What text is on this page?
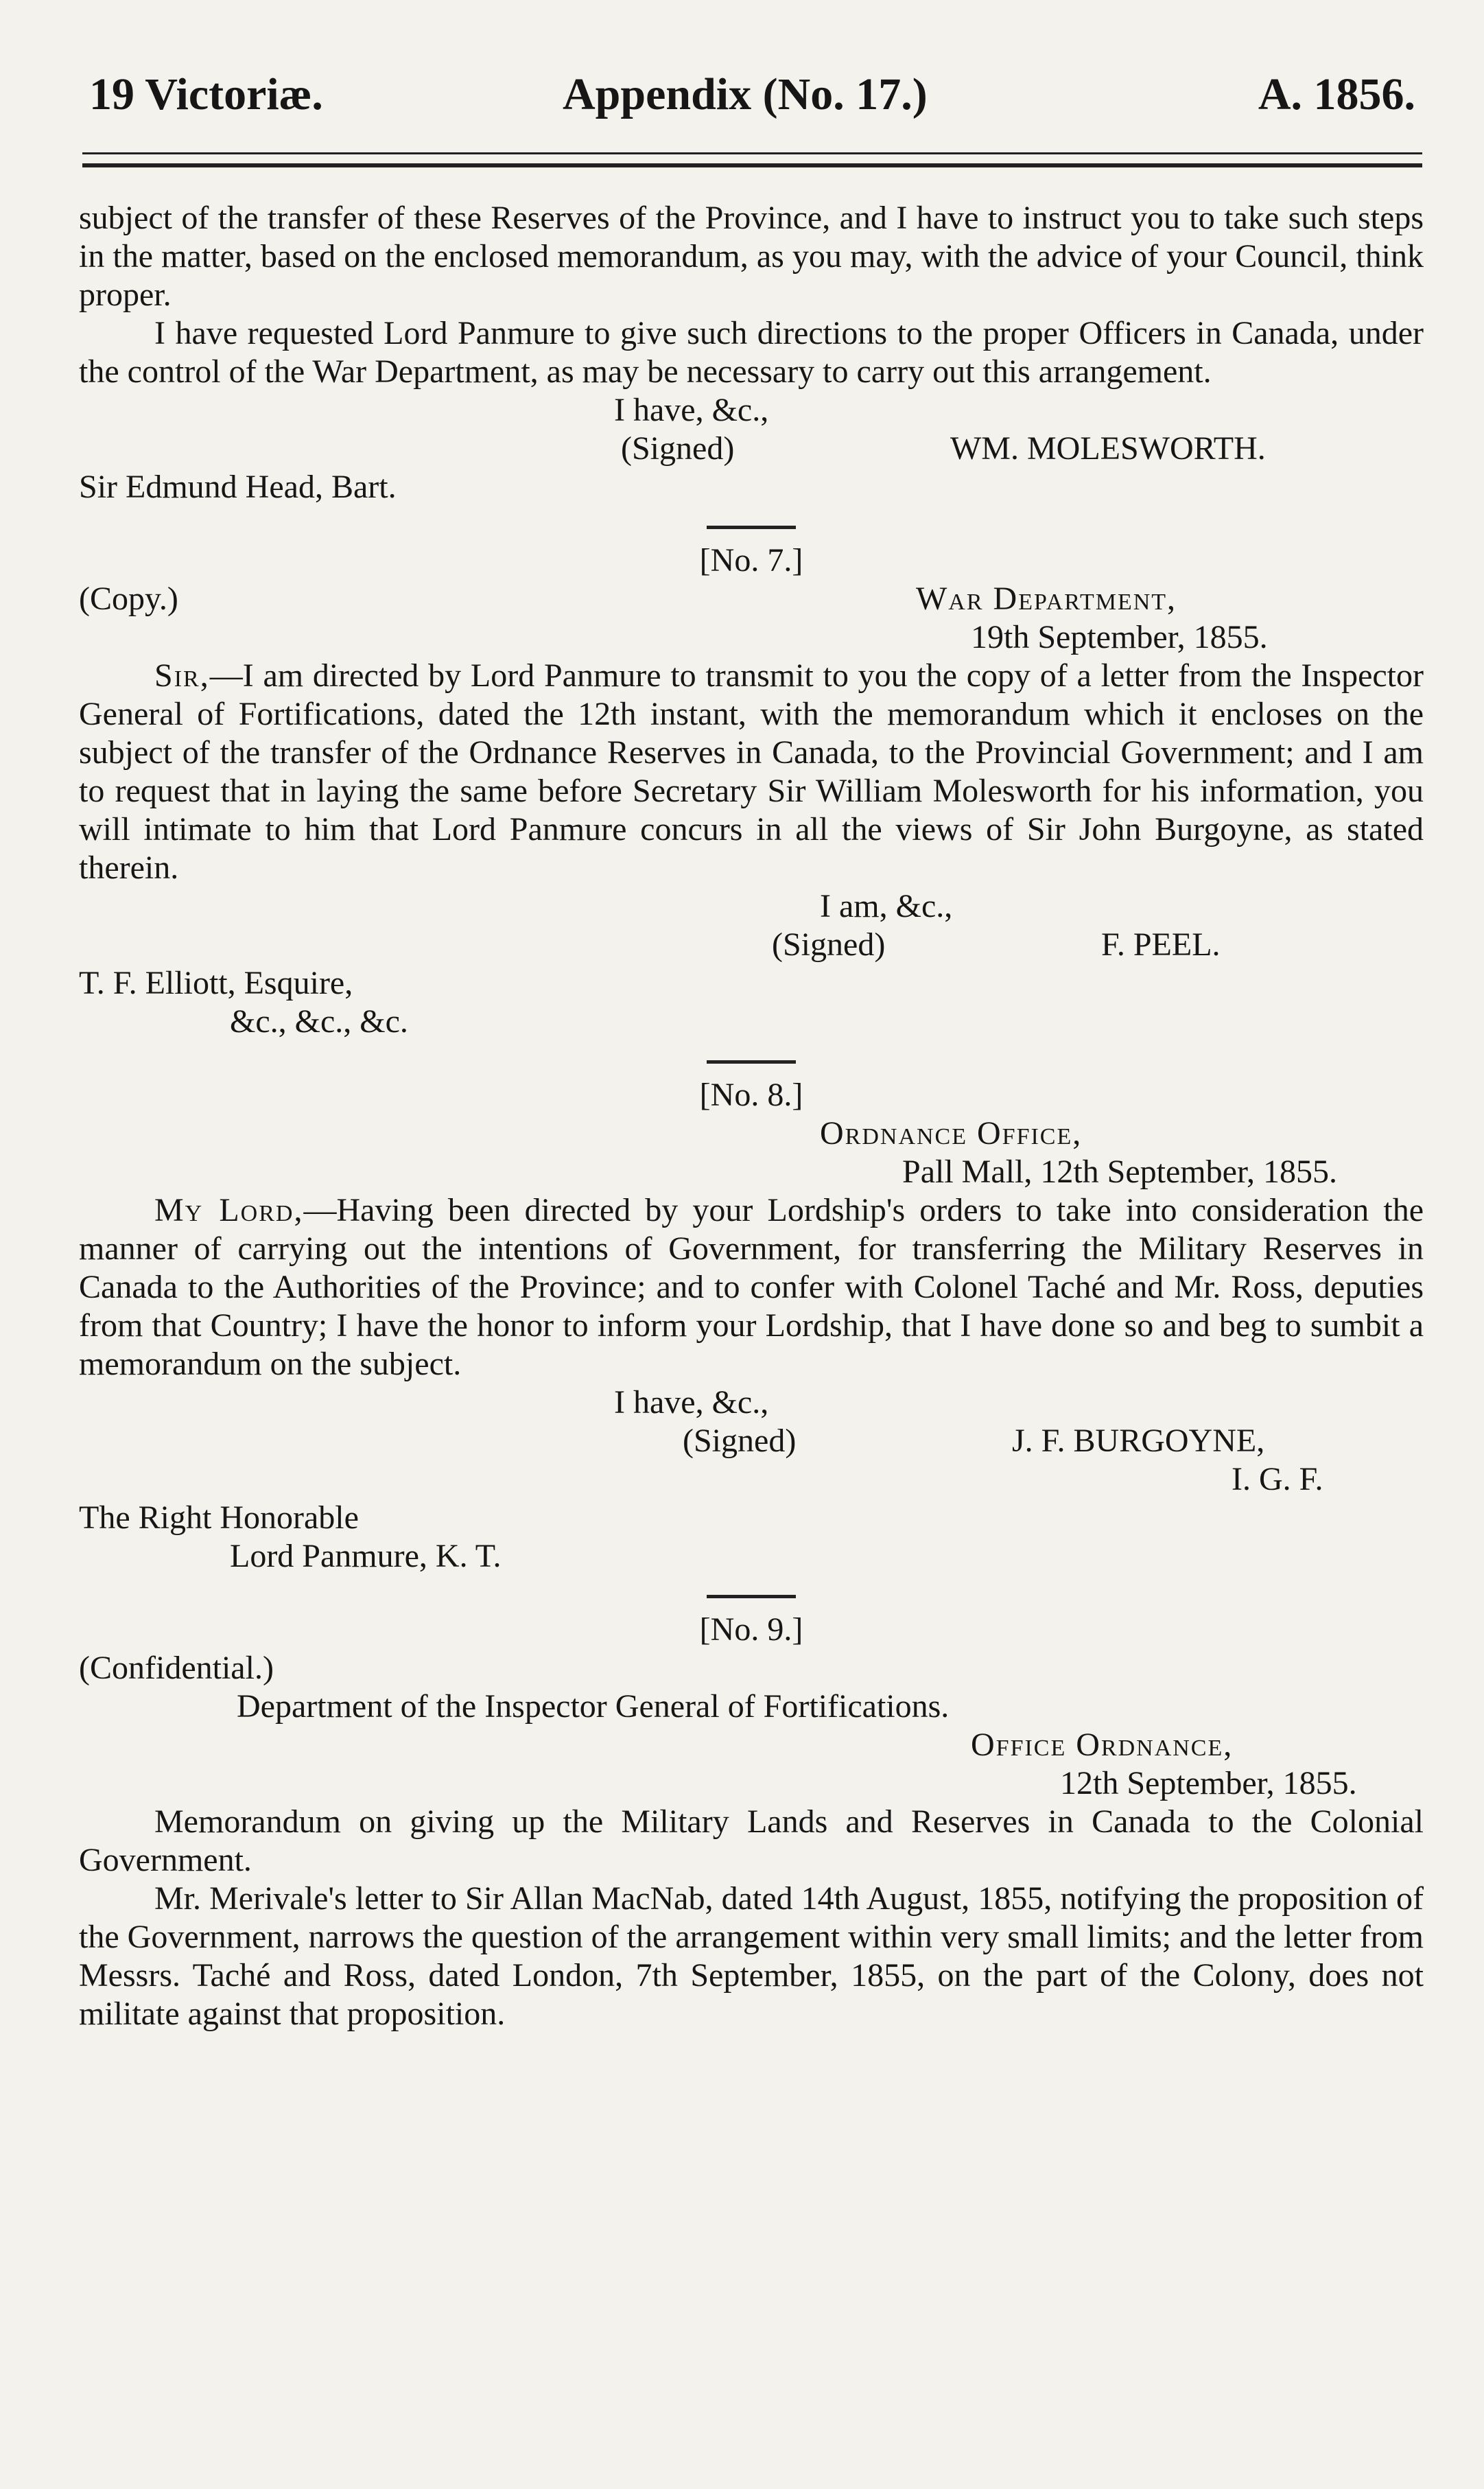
19 Victoriæ.	Appendix (No. 17.)	A. 1856.

subject of the transfer of these Reserves of the Province, and I have to instruct you to take such steps in the matter, based on the enclosed memorandum, as you may, with the advice of your Council, think proper.

I have requested Lord Panmure to give such directions to the proper Officers in Canada, under the control of the War Department, as may be necessary to carry out this arrangement.

I have, &c.,
(Signed)	WM. MOLESWORTH.
Sir Edmund Head, Bart.
[No. 7.]
(Copy.)	War Department,
19th September, 1855.

Sir,—I am directed by Lord Panmure to transmit to you the copy of a letter from the Inspector General of Fortifications, dated the 12th instant, with the memorandum which it encloses on the subject of the transfer of the Ordnance Reserves in Canada, to the Provincial Government; and I am to request that in laying the same before Secretary Sir William Molesworth for his information, you will intimate to him that Lord Panmure concurs in all the views of Sir John Burgoyne, as stated therein.

I am, &c.,
(Signed)	F. PEEL.
T. F. Elliott, Esquire,
&c., &c., &c.
[No. 8.]
Ordnance Office,
Pall Mall, 12th September, 1855.

My Lord,—Having been directed by your Lordship's orders to take into consideration the manner of carrying out the intentions of Government, for transferring the Military Reserves in Canada to the Authorities of the Province; and to confer with Colonel Taché and Mr. Ross, deputies from that Country; I have the honor to inform your Lordship, that I have done so and beg to sumbit a memorandum on the subject.

I have, &c.,
(Signed)	J. F. BURGOYNE,
I. G. F.
The Right Honorable
Lord Panmure, K. T.
[No. 9.]
(Confidential.)
Department of the Inspector General of Fortifications.
Office Ordnance,
12th September, 1855.

Memorandum on giving up the Military Lands and Reserves in Canada to the Colonial Government.

Mr. Merivale's letter to Sir Allan MacNab, dated 14th August, 1855, notifying the proposition of the Government, narrows the question of the arrangement within very small limits; and the letter from Messrs. Taché and Ross, dated London, 7th September, 1855, on the part of the Colony, does not militate against that proposition.
